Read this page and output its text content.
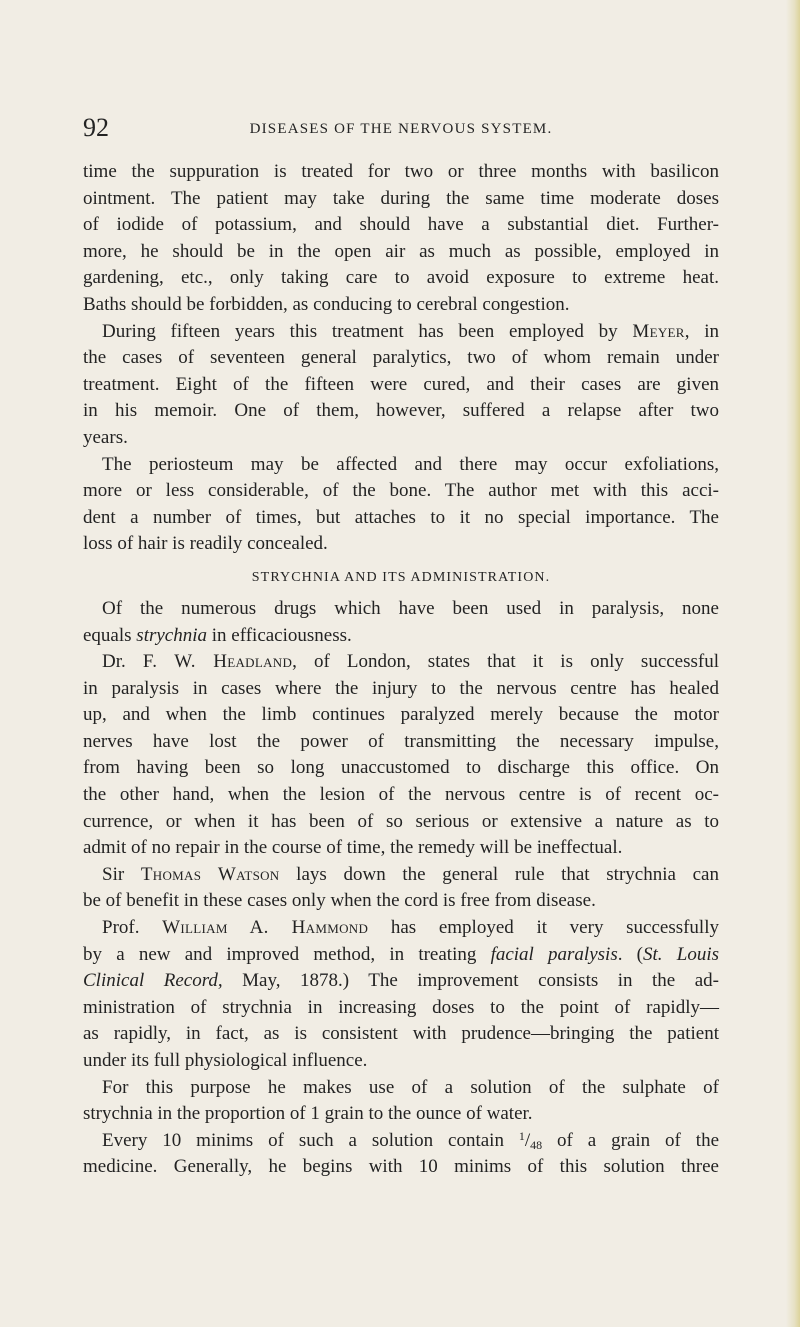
92	DISEASES OF THE NERVOUS SYSTEM.
time the suppuration is treated for two or three months with basilicon
ointment. The patient may take during the same time moderate doses
of iodide of potassium, and should have a substantial diet. Further-
more, he should be in the open air as much as possible, employed in
gardening, etc., only taking care to avoid exposure to extreme heat.
Baths should be forbidden, as conducing to cerebral congestion.
During fifteen years this treatment has been employed by Meyer, in
the cases of seventeen general paralytics, two of whom remain under
treatment. Eight of the fifteen were cured, and their cases are given
in his memoir. One of them, however, suffered a relapse after two
years.
The periosteum may be affected and there may occur exfoliations,
more or less considerable, of the bone. The author met with this acci-
dent a number of times, but attaches to it no special importance. The
loss of hair is readily concealed.
STRYCHNIA AND ITS ADMINISTRATION.
Of the numerous drugs which have been used in paralysis, none
equals strychnia in efficaciousness.
Dr. F. W. Headland, of London, states that it is only successful
in paralysis in cases where the injury to the nervous centre has healed
up, and when the limb continues paralyzed merely because the motor
nerves have lost the power of transmitting the necessary impulse,
from having been so long unaccustomed to discharge this office. On
the other hand, when the lesion of the nervous centre is of recent oc-
currence, or when it has been of so serious or extensive a nature as to
admit of no repair in the course of time, the remedy will be ineffectual.
Sir Thomas Watson lays down the general rule that strychnia can
be of benefit in these cases only when the cord is free from disease.
Prof. William A. Hammond has employed it very successfully
by a new and improved method, in treating facial paralysis. (St. Louis
Clinical Record, May, 1878.) The improvement consists in the ad-
ministration of strychnia in increasing doses to the point of rapidly—
as rapidly, in fact, as is consistent with prudence—bringing the patient
under its full physiological influence.
For this purpose he makes use of a solution of the sulphate of
strychnia in the proportion of 1 grain to the ounce of water.
Every 10 minims of such a solution contain $^1/_{48}$ of a grain of the
medicine. Generally, he begins with 10 minims of this solution three
